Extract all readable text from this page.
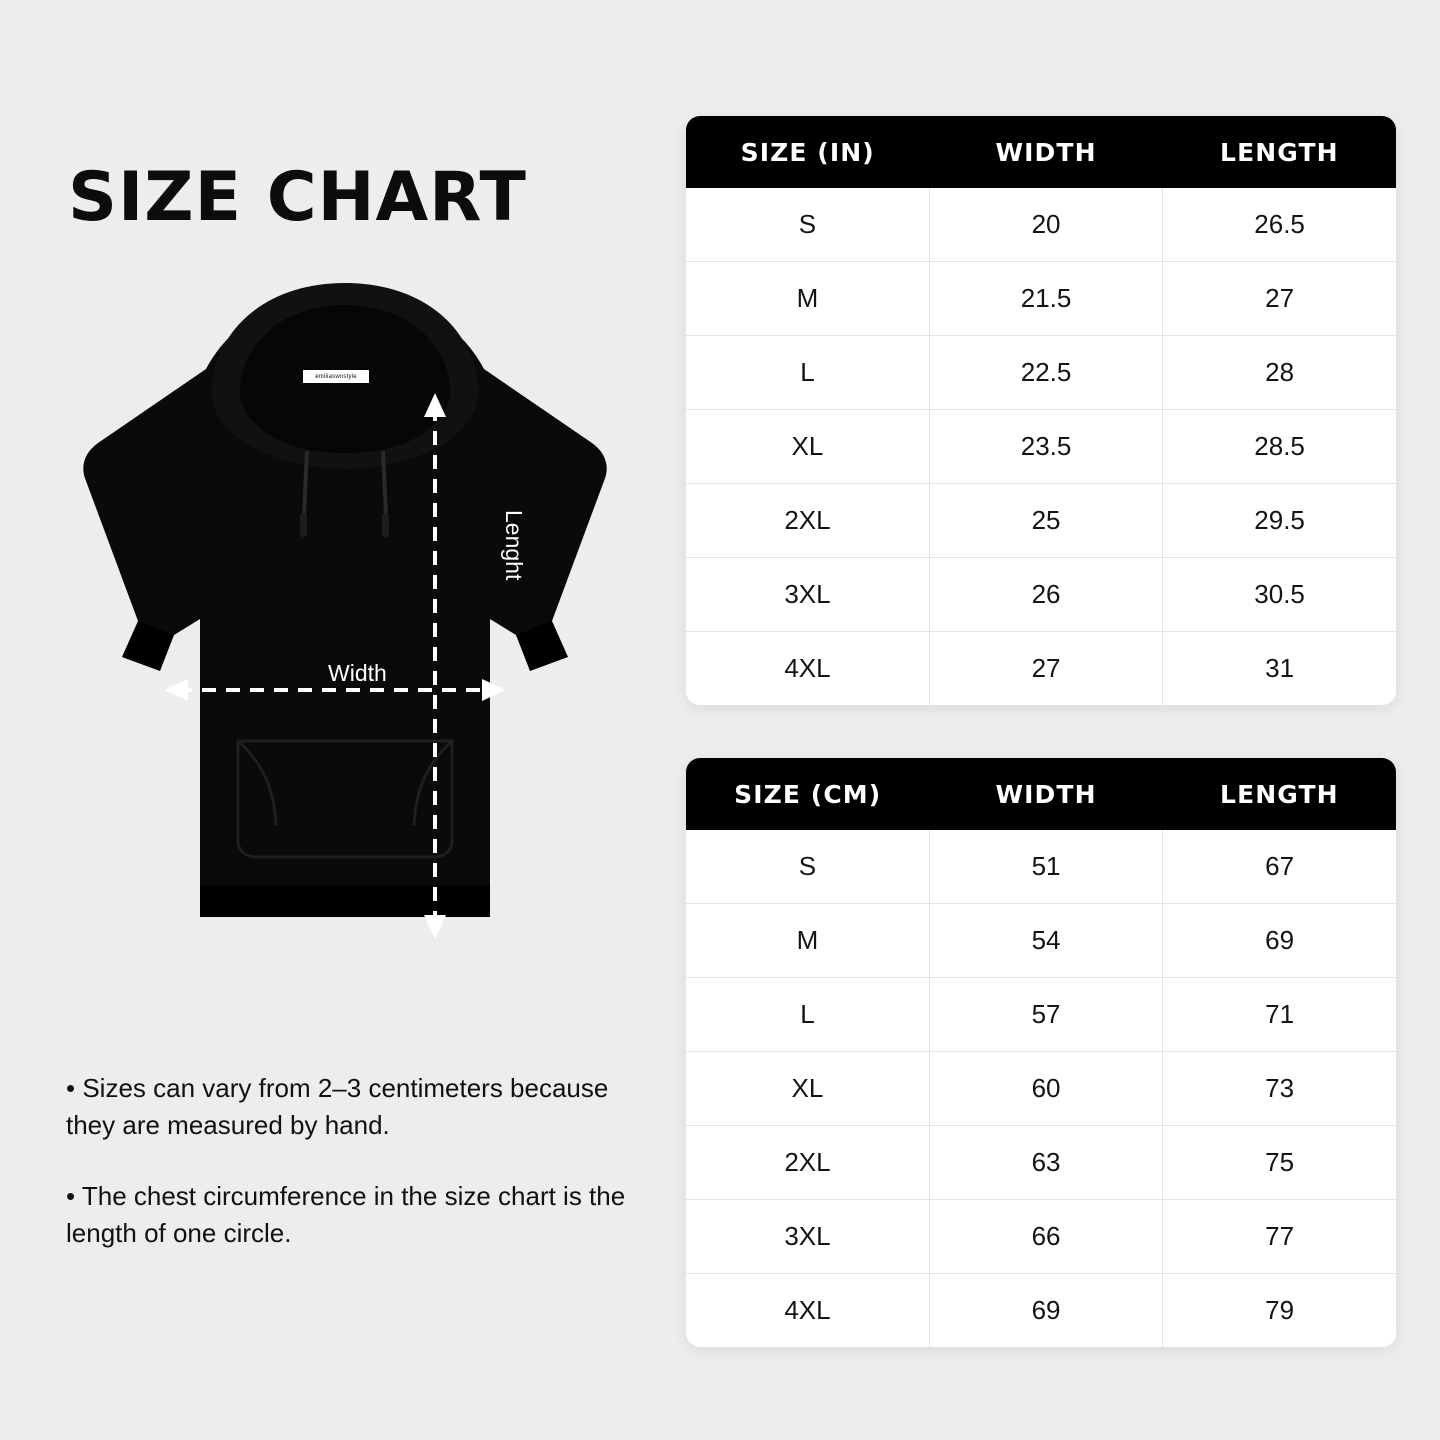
SIZE CHART
emiliaswnstyle
Width
Lenght

• Sizes can vary from 2–3 centimeters because they are measured by hand.

• The chest circumference in the size chart is the length of one circle.

SIZE (IN)	WIDTH	LENGTH
S	20	26.5
M	21.5	27
L	22.5	28
XL	23.5	28.5
2XL	25	29.5
3XL	26	30.5
4XL	27	31
SIZE (CM)	WIDTH	LENGTH
S	51	67
M	54	69
L	57	71
XL	60	73
2XL	63	75
3XL	66	77
4XL	69	79
